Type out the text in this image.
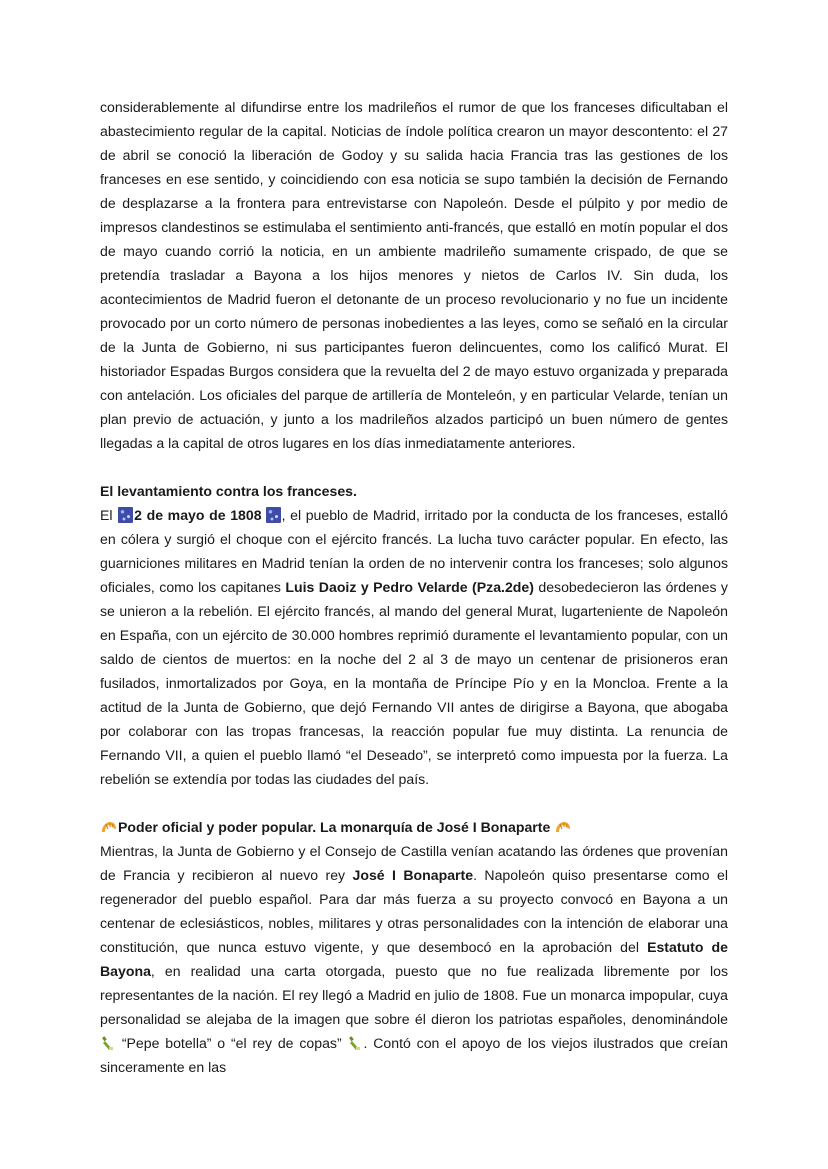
considerablemente al difundirse entre los madrileños el rumor de que los franceses dificultaban el abastecimiento regular de la capital. Noticias de índole política crearon un mayor descontento: el 27 de abril se conoció la liberación de Godoy y su salida hacia Francia tras las gestiones de los franceses en ese sentido, y coincidiendo con esa noticia se supo también la decisión de Fernando de desplazarse a la frontera para entrevistarse con Napoleón. Desde el púlpito y por medio de impresos clandestinos se estimulaba el sentimiento anti-francés, que estalló en motín popular el dos de mayo cuando corrió la noticia, en un ambiente madrileño sumamente crispado, de que se pretendía trasladar a Bayona a los hijos menores y nietos de Carlos IV. Sin duda, los acontecimientos de Madrid fueron el detonante de un proceso revolucionario y no fue un incidente provocado por un corto número de personas inobedientes a las leyes, como se señaló en la circular de la Junta de Gobierno, ni sus participantes fueron delincuentes, como los calificó Murat. El historiador Espadas Burgos considera que la revuelta del 2 de mayo estuvo organizada y preparada con antelación. Los oficiales del parque de artillería de Monteleón, y en particular Velarde, tenían un plan previo de actuación, y junto a los madrileños alzados participó un buen número de gentes llegadas a la capital de otros lugares en los días inmediatamente anteriores.

El levantamiento contra los franceses.

El 2 de mayo de 1808 , el pueblo de Madrid, irritado por la conducta de los franceses, estalló en cólera y surgió el choque con el ejército francés. La lucha tuvo carácter popular. En efecto, las guarniciones militares en Madrid tenían la orden de no intervenir contra los franceses; solo algunos oficiales, como los capitanes Luis Daoiz y Pedro Velarde (Pza.2de) desobedecieron las órdenes y se unieron a la rebelión. El ejército francés, al mando del general Murat, lugarteniente de Napoleón en España, con un ejército de 30.000 hombres reprimió duramente el levantamiento popular, con un saldo de cientos de muertos: en la noche del 2 al 3 de mayo un centenar de prisioneros eran fusilados, inmortalizados por Goya, en la montaña de Príncipe Pío y en la Moncloa. Frente a la actitud de la Junta de Gobierno, que dejó Fernando VII antes de dirigirse a Bayona, que abogaba por colaborar con las tropas francesas, la reacción popular fue muy distinta. La renuncia de Fernando VII, a quien el pueblo llamó “el Deseado”, se interpretó como impuesta por la fuerza. La rebelión se extendía por todas las ciudades del país.

Poder oficial y poder popular. La monarquía de José I Bonaparte

Mientras, la Junta de Gobierno y el Consejo de Castilla venían acatando las órdenes que provenían de Francia y recibieron al nuevo rey José I Bonaparte. Napoleón quiso presentarse como el regenerador del pueblo español. Para dar más fuerza a su proyecto convocó en Bayona a un centenar de eclesiásticos, nobles, militares y otras personalidades con la intención de elaborar una constitución, que nunca estuvo vigente, y que desembocó en la aprobación del Estatuto de Bayona, en realidad una carta otorgada, puesto que no fue realizada libremente por los representantes de la nación. El rey llegó a Madrid en julio de 1808. Fue un monarca impopular, cuya personalidad se alejaba de la imagen que sobre él dieron los patriotas españoles, denominándole  “Pepe botella” o “el rey de copas” . Contó con el apoyo de los viejos ilustrados que creían sinceramente en las
